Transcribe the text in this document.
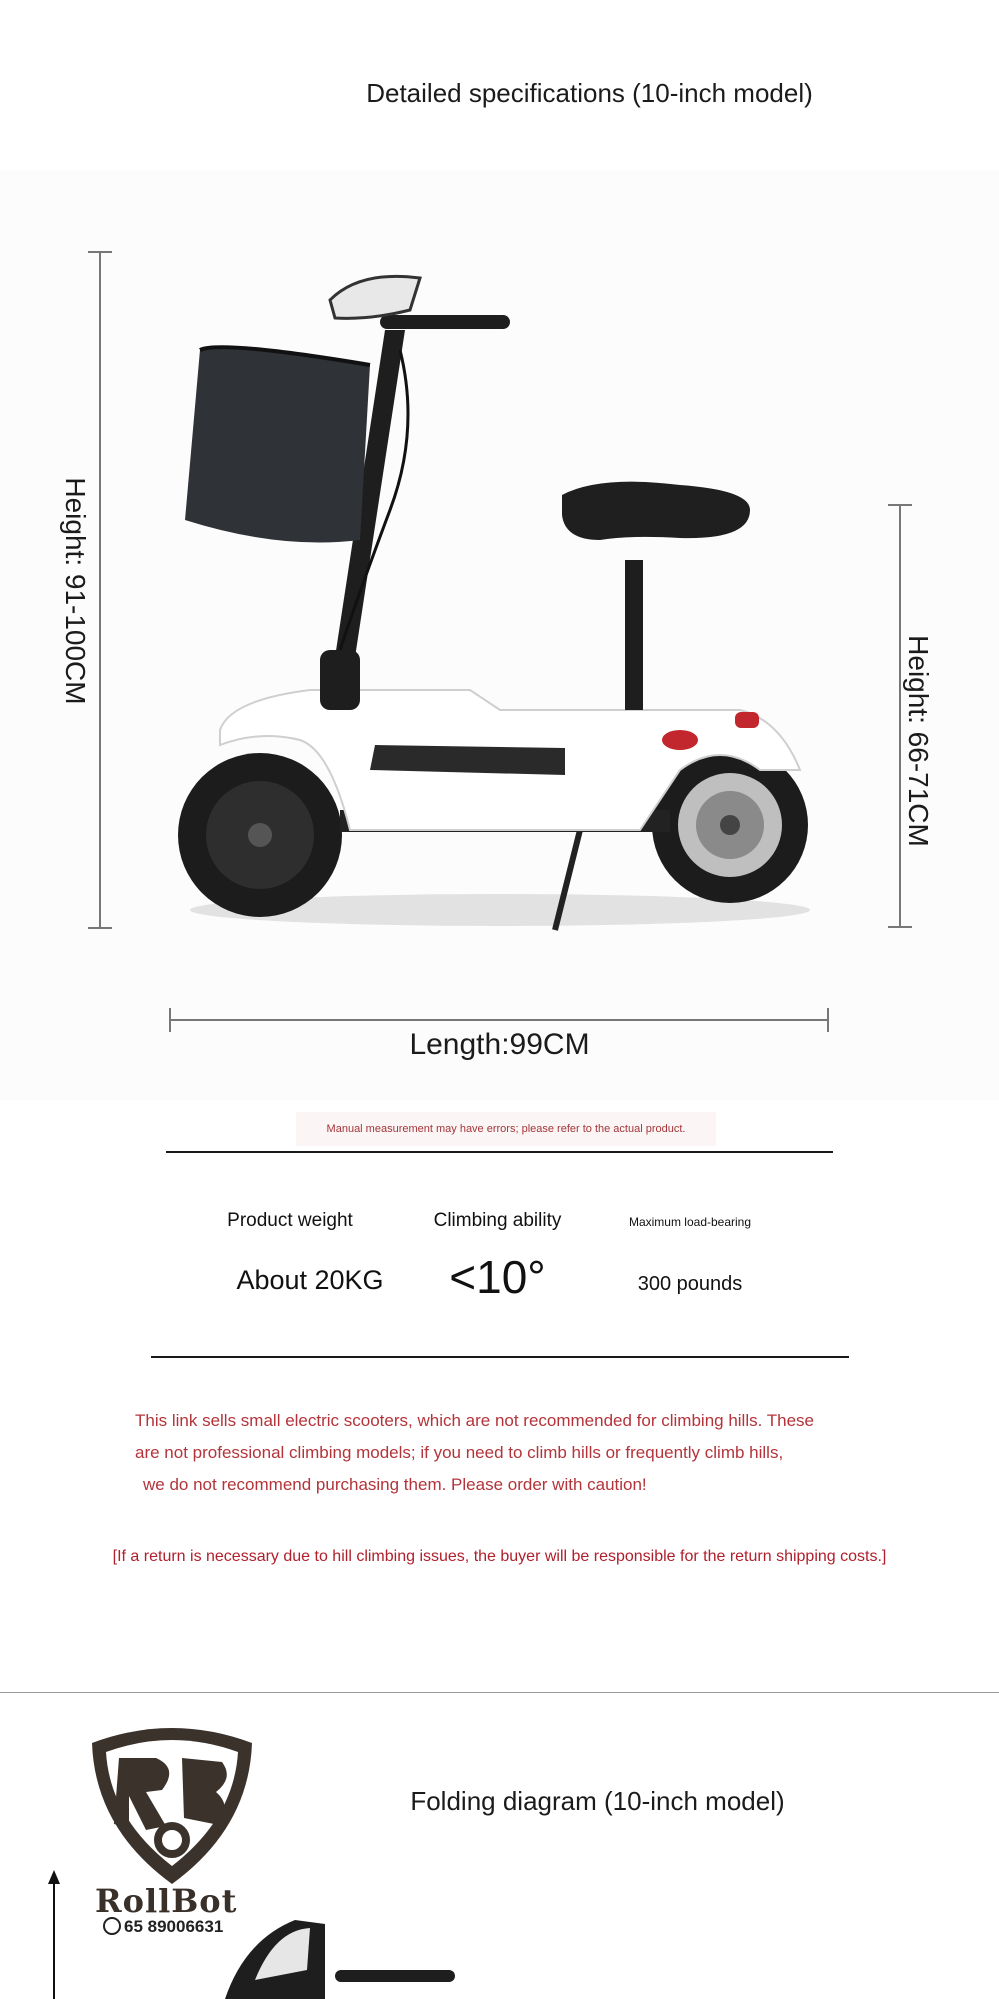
Detailed specifications (10-inch model)
Height: 91-100CM
Height: 66-71CM
Length:99CM
Manual measurement may have errors; please refer to the actual product.
Product weight	Climbing ability	Maximum load-bearing
About 20KG	<10°	300 pounds
This link sells small electric scooters, which are not recommended for climbing hills. These
are not professional climbing models; if you need to climb hills or frequently climb hills,
we do not recommend purchasing them. Please order with caution!
[If a return is necessary due to hill climbing issues, the buyer will be responsible for the return shipping costs.]
RollBot
65 89006631
Folding diagram (10-inch model)
